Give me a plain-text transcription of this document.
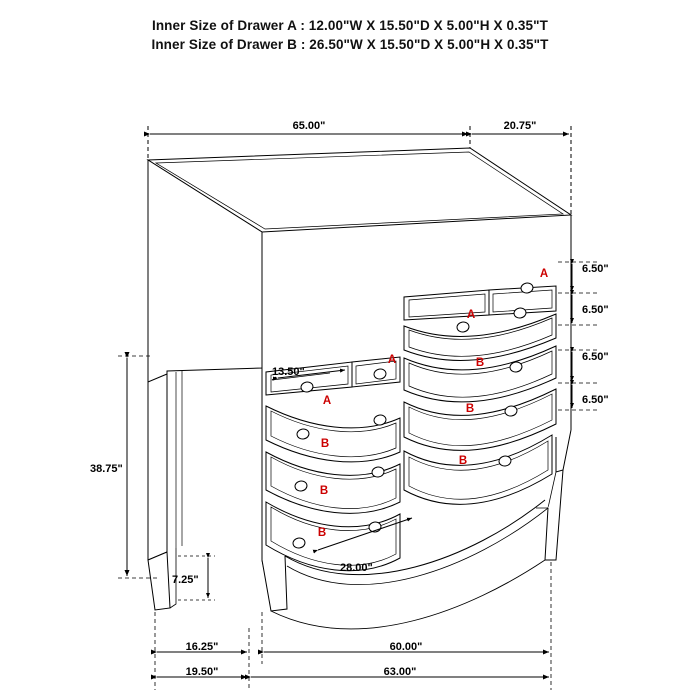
Inner Size of Drawer A : 12.00"W X 15.50"D X 5.00"H X 0.35"T
Inner Size of Drawer B : 26.50"W X 15.50"D X 5.00"H X 0.35"T
65.00"	20.75"
6.50"
6.50"
6.50"
6.50"
38.75"
13.50"
28.00"
7.25"
16.25"	60.00"
19.50"	63.00"
A
A
A
A
B
B
B
B
B
B
